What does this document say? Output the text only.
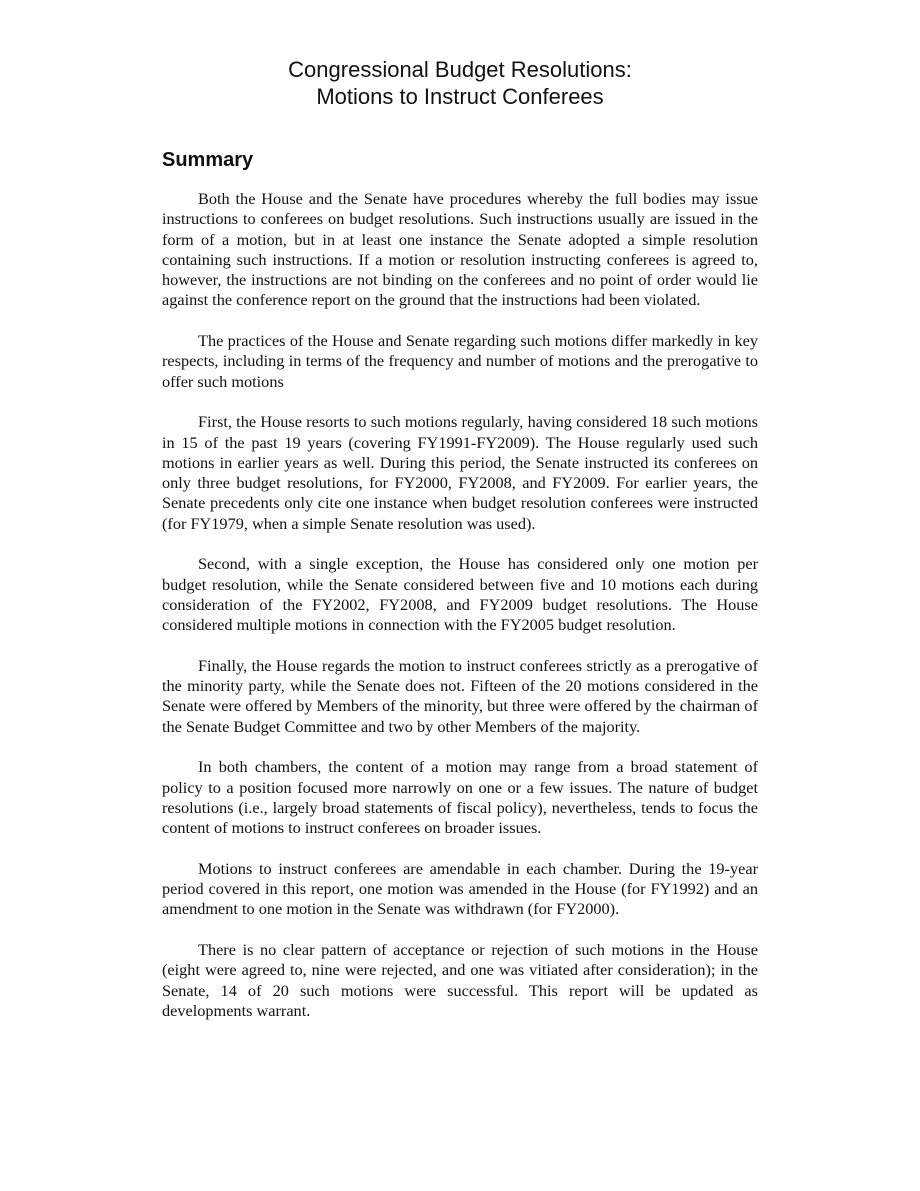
Congressional Budget Resolutions:
Motions to Instruct Conferees
Summary

Both the House and the Senate have procedures whereby the full bodies may issue instructions to conferees on budget resolutions. Such instructions usually are issued in the form of a motion, but in at least one instance the Senate adopted a simple resolution containing such instructions. If a motion or resolution instructing conferees is agreed to, however, the instructions are not binding on the conferees and no point of order would lie against the conference report on the ground that the instructions had been violated.

The practices of the House and Senate regarding such motions differ markedly in key respects, including in terms of the frequency and number of motions and the prerogative to offer such motions

First, the House resorts to such motions regularly, having considered 18 such motions in 15 of the past 19 years (covering FY1991-FY2009). The House regularly used such motions in earlier years as well. During this period, the Senate instructed its conferees on only three budget resolutions, for FY2000, FY2008, and FY2009. For earlier years, the Senate precedents only cite one instance when budget resolution conferees were instructed (for FY1979, when a simple Senate resolution was used).

Second, with a single exception, the House has considered only one motion per budget resolution, while the Senate considered between five and 10 motions each during consideration of the FY2002, FY2008, and FY2009 budget resolutions. The House considered multiple motions in connection with the FY2005 budget resolution.

Finally, the House regards the motion to instruct conferees strictly as a prerogative of the minority party, while the Senate does not. Fifteen of the 20 motions considered in the Senate were offered by Members of the minority, but three were offered by the chairman of the Senate Budget Committee and two by other Members of the majority.

In both chambers, the content of a motion may range from a broad statement of policy to a position focused more narrowly on one or a few issues. The nature of budget resolutions (i.e., largely broad statements of fiscal policy), nevertheless, tends to focus the content of motions to instruct conferees on broader issues.

Motions to instruct conferees are amendable in each chamber. During the 19-year period covered in this report, one motion was amended in the House (for FY1992) and an amendment to one motion in the Senate was withdrawn (for FY2000).

There is no clear pattern of acceptance or rejection of such motions in the House (eight were agreed to, nine were rejected, and one was vitiated after consideration); in the Senate, 14 of 20 such motions were successful. This report will be updated as developments warrant.
